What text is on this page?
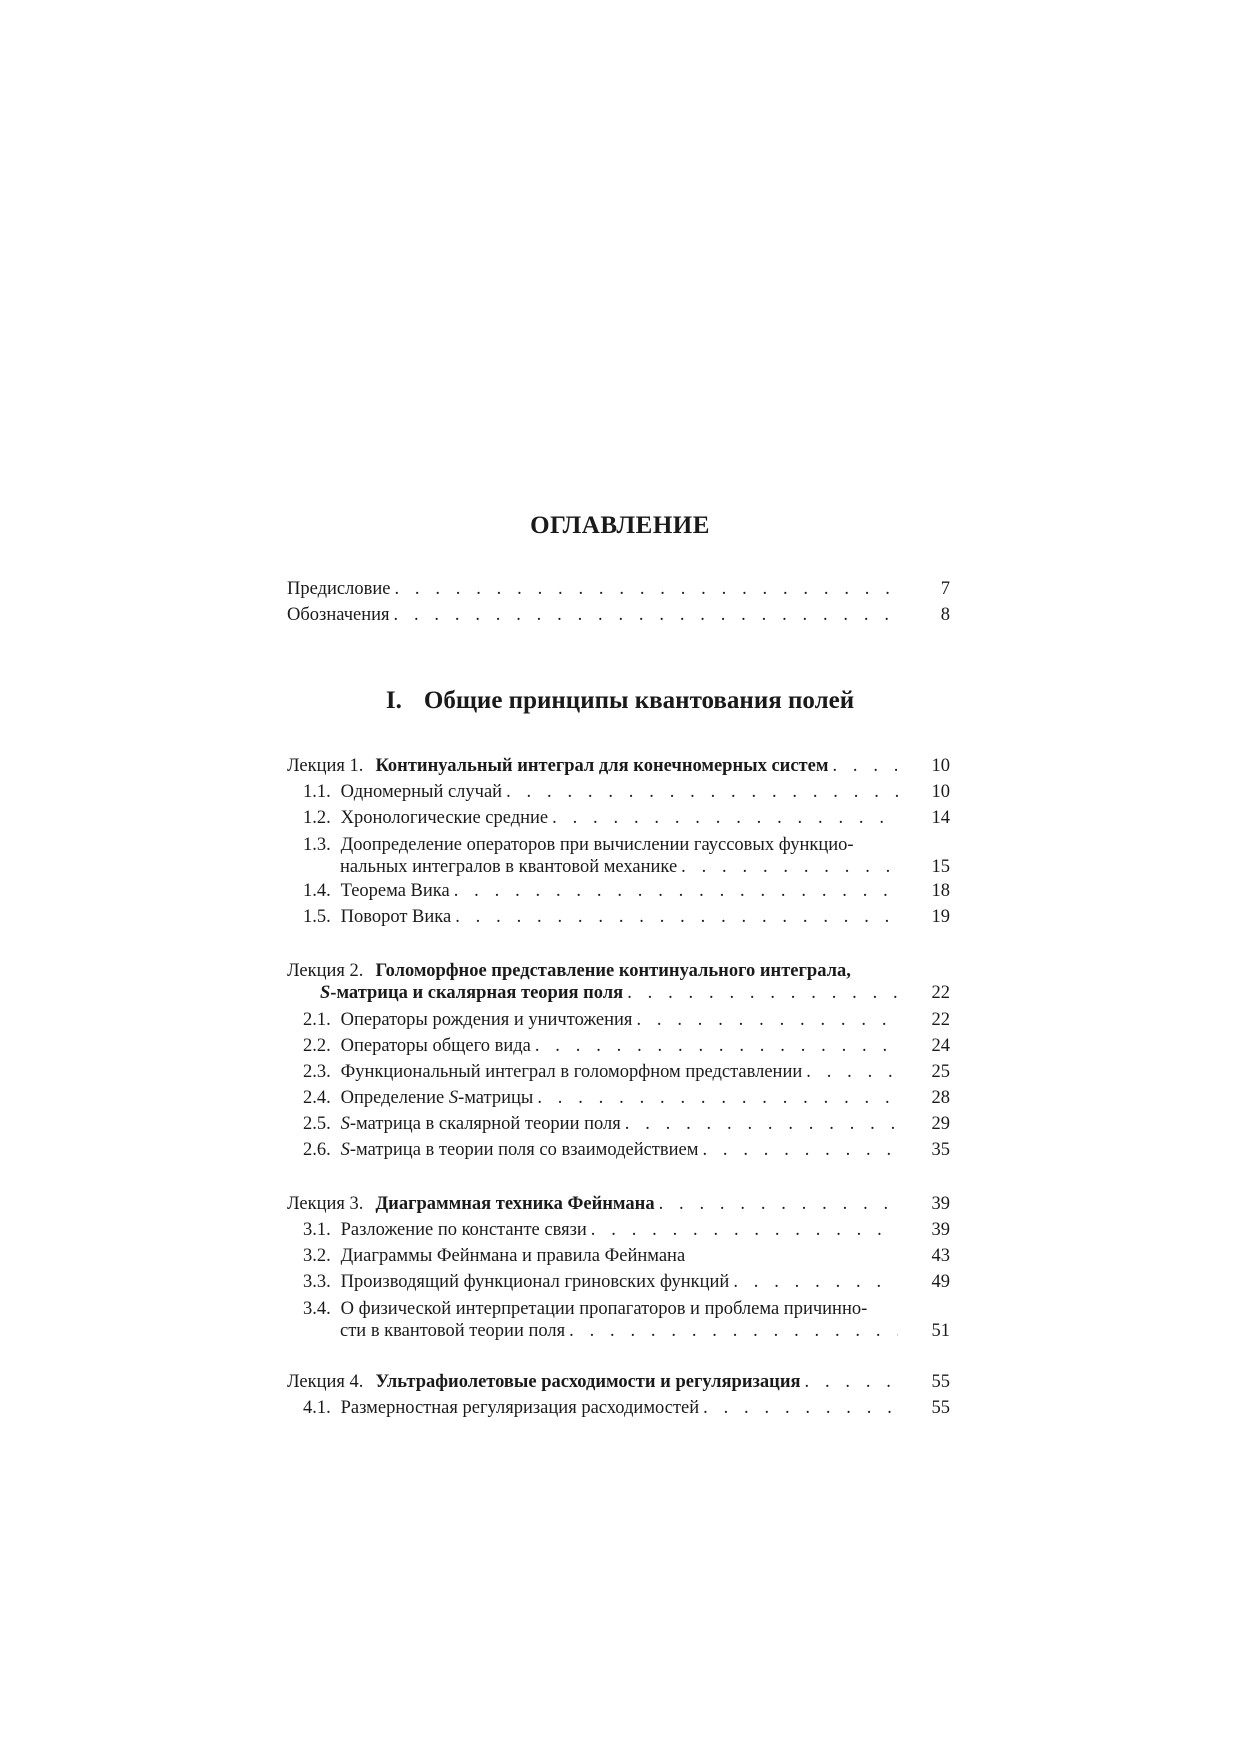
ОГЛАВЛЕНИЕ
Предисловие . . .	7
Обозначения . . .	8
I. Общие принципы квантования полей
Лекция 1. Континуальный интеграл для конечномерных систем . . .	10
1.1. Одномерный случай . . .	10
1.2. Хронологические средние . . .	14
1.3. Доопределение операторов при вычислении гауссовых функцио-
нальных интегралов в квантовой механике . . .	15
1.4. Теорема Вика . . .	18
1.5. Поворот Вика . . .	19
Лекция 2. Голоморфное представление континуального интеграла,
S-матрица и скалярная теория поля . . .	22
2.1. Операторы рождения и уничтожения . . .	22
2.2. Операторы общего вида . . .	24
2.3. Функциональный интеграл в голоморфном представлении . . .	25
2.4. Определение S-матрицы . . .	28
2.5. S-матрица в скалярной теории поля . . .	29
2.6. S-матрица в теории поля со взаимодействием . . .	35
Лекция 3. Диаграммная техника Фейнмана . . .	39
3.1. Разложение по константе связи . . .	39
3.2. Диаграммы Фейнмана и правила Фейнмана	43
3.3. Производящий функционал гриновских функций . . .	49
3.4. О физической интерпретации пропагаторов и проблема причинно-
сти в квантовой теории поля . . .	51
Лекция 4. Ультрафиолетовые расходимости и регуляризация . . .	55
4.1. Размерностная регуляризация расходимостей . . .	55
